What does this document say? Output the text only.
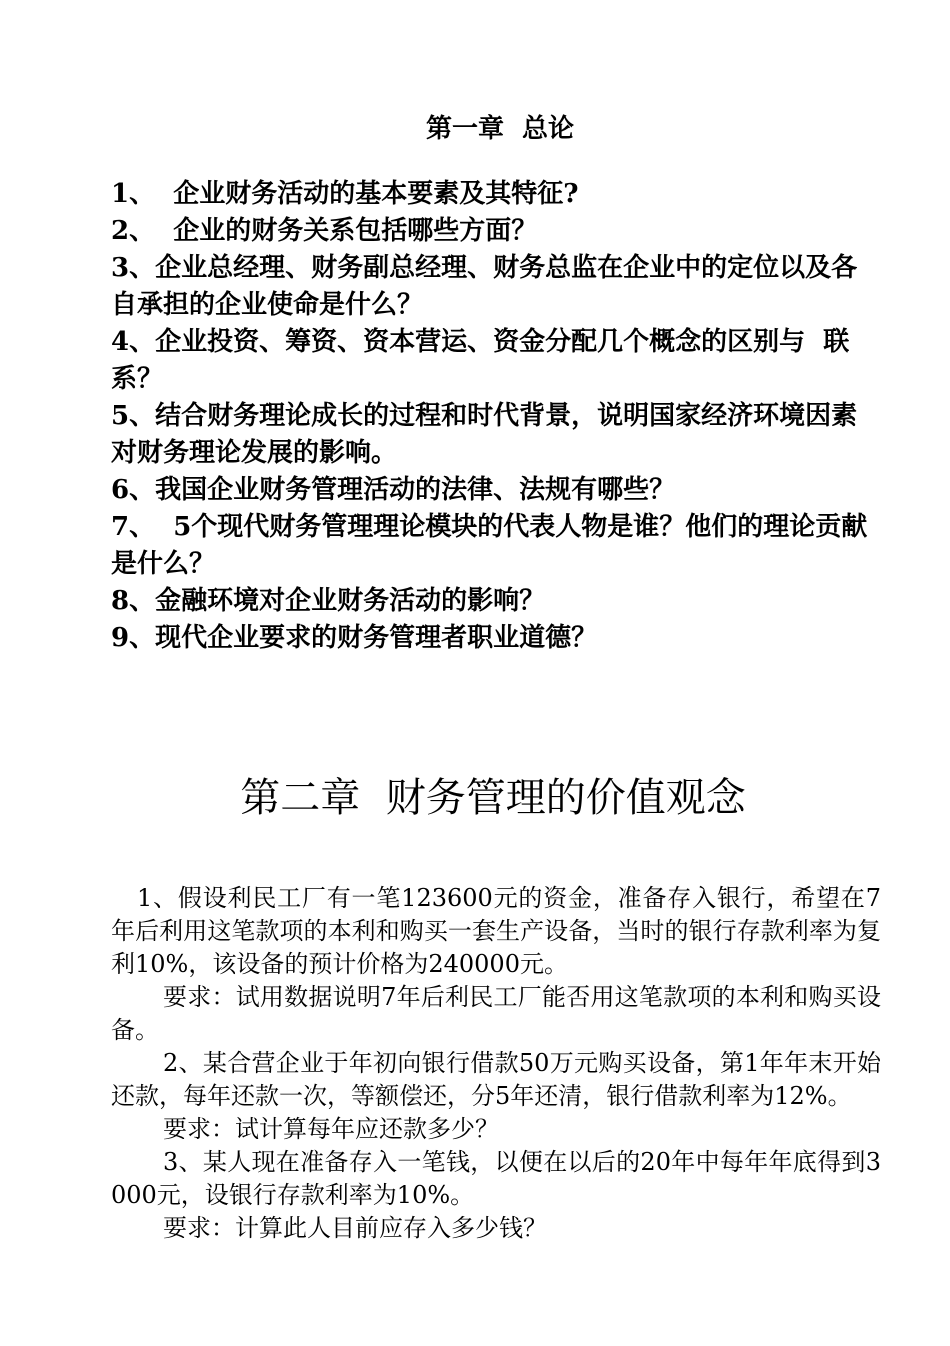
第一章  总论
1、  企业财务活动的基本要素及其特征?
2、  企业的财务关系包括哪些方面？
3、企业总经理、财务副总经理、财务总监在企业中的定位以及各自承担的企业使命是什么？
4、企业投资、筹资、资本营运、资金分配几个概念的区别与  联系？
5、结合财务理论成长的过程和时代背景，说明国家经济环境因素对财务理论发展的影响。
6、我国企业财务管理活动的法律、法规有哪些？
7、  5个现代财务管理理论模块的代表人物是谁？他们的理论贡献是什么？
8、金融环境对企业财务活动的影响？
9、现代企业要求的财务管理者职业道德？
第二章  财务管理的价值观念
1、假设利民工厂有一笔123600元的资金，准备存入银行，希望在7年后利用这笔款项的本利和购买一套生产设备，当时的银行存款利率为复利10%，该设备的预计价格为240000元。
要求：试用数据说明7年后利民工厂能否用这笔款项的本利和购买设备。
2、某合营企业于年初向银行借款50万元购买设备，第1年年末开始还款，每年还款一次，等额偿还，分5年还清，银行借款利率为12%。
要求：试计算每年应还款多少？
3、某人现在准备存入一笔钱，以便在以后的20年中每年年底得到3000元，设银行存款利率为10%。
要求：计算此人目前应存入多少钱？
